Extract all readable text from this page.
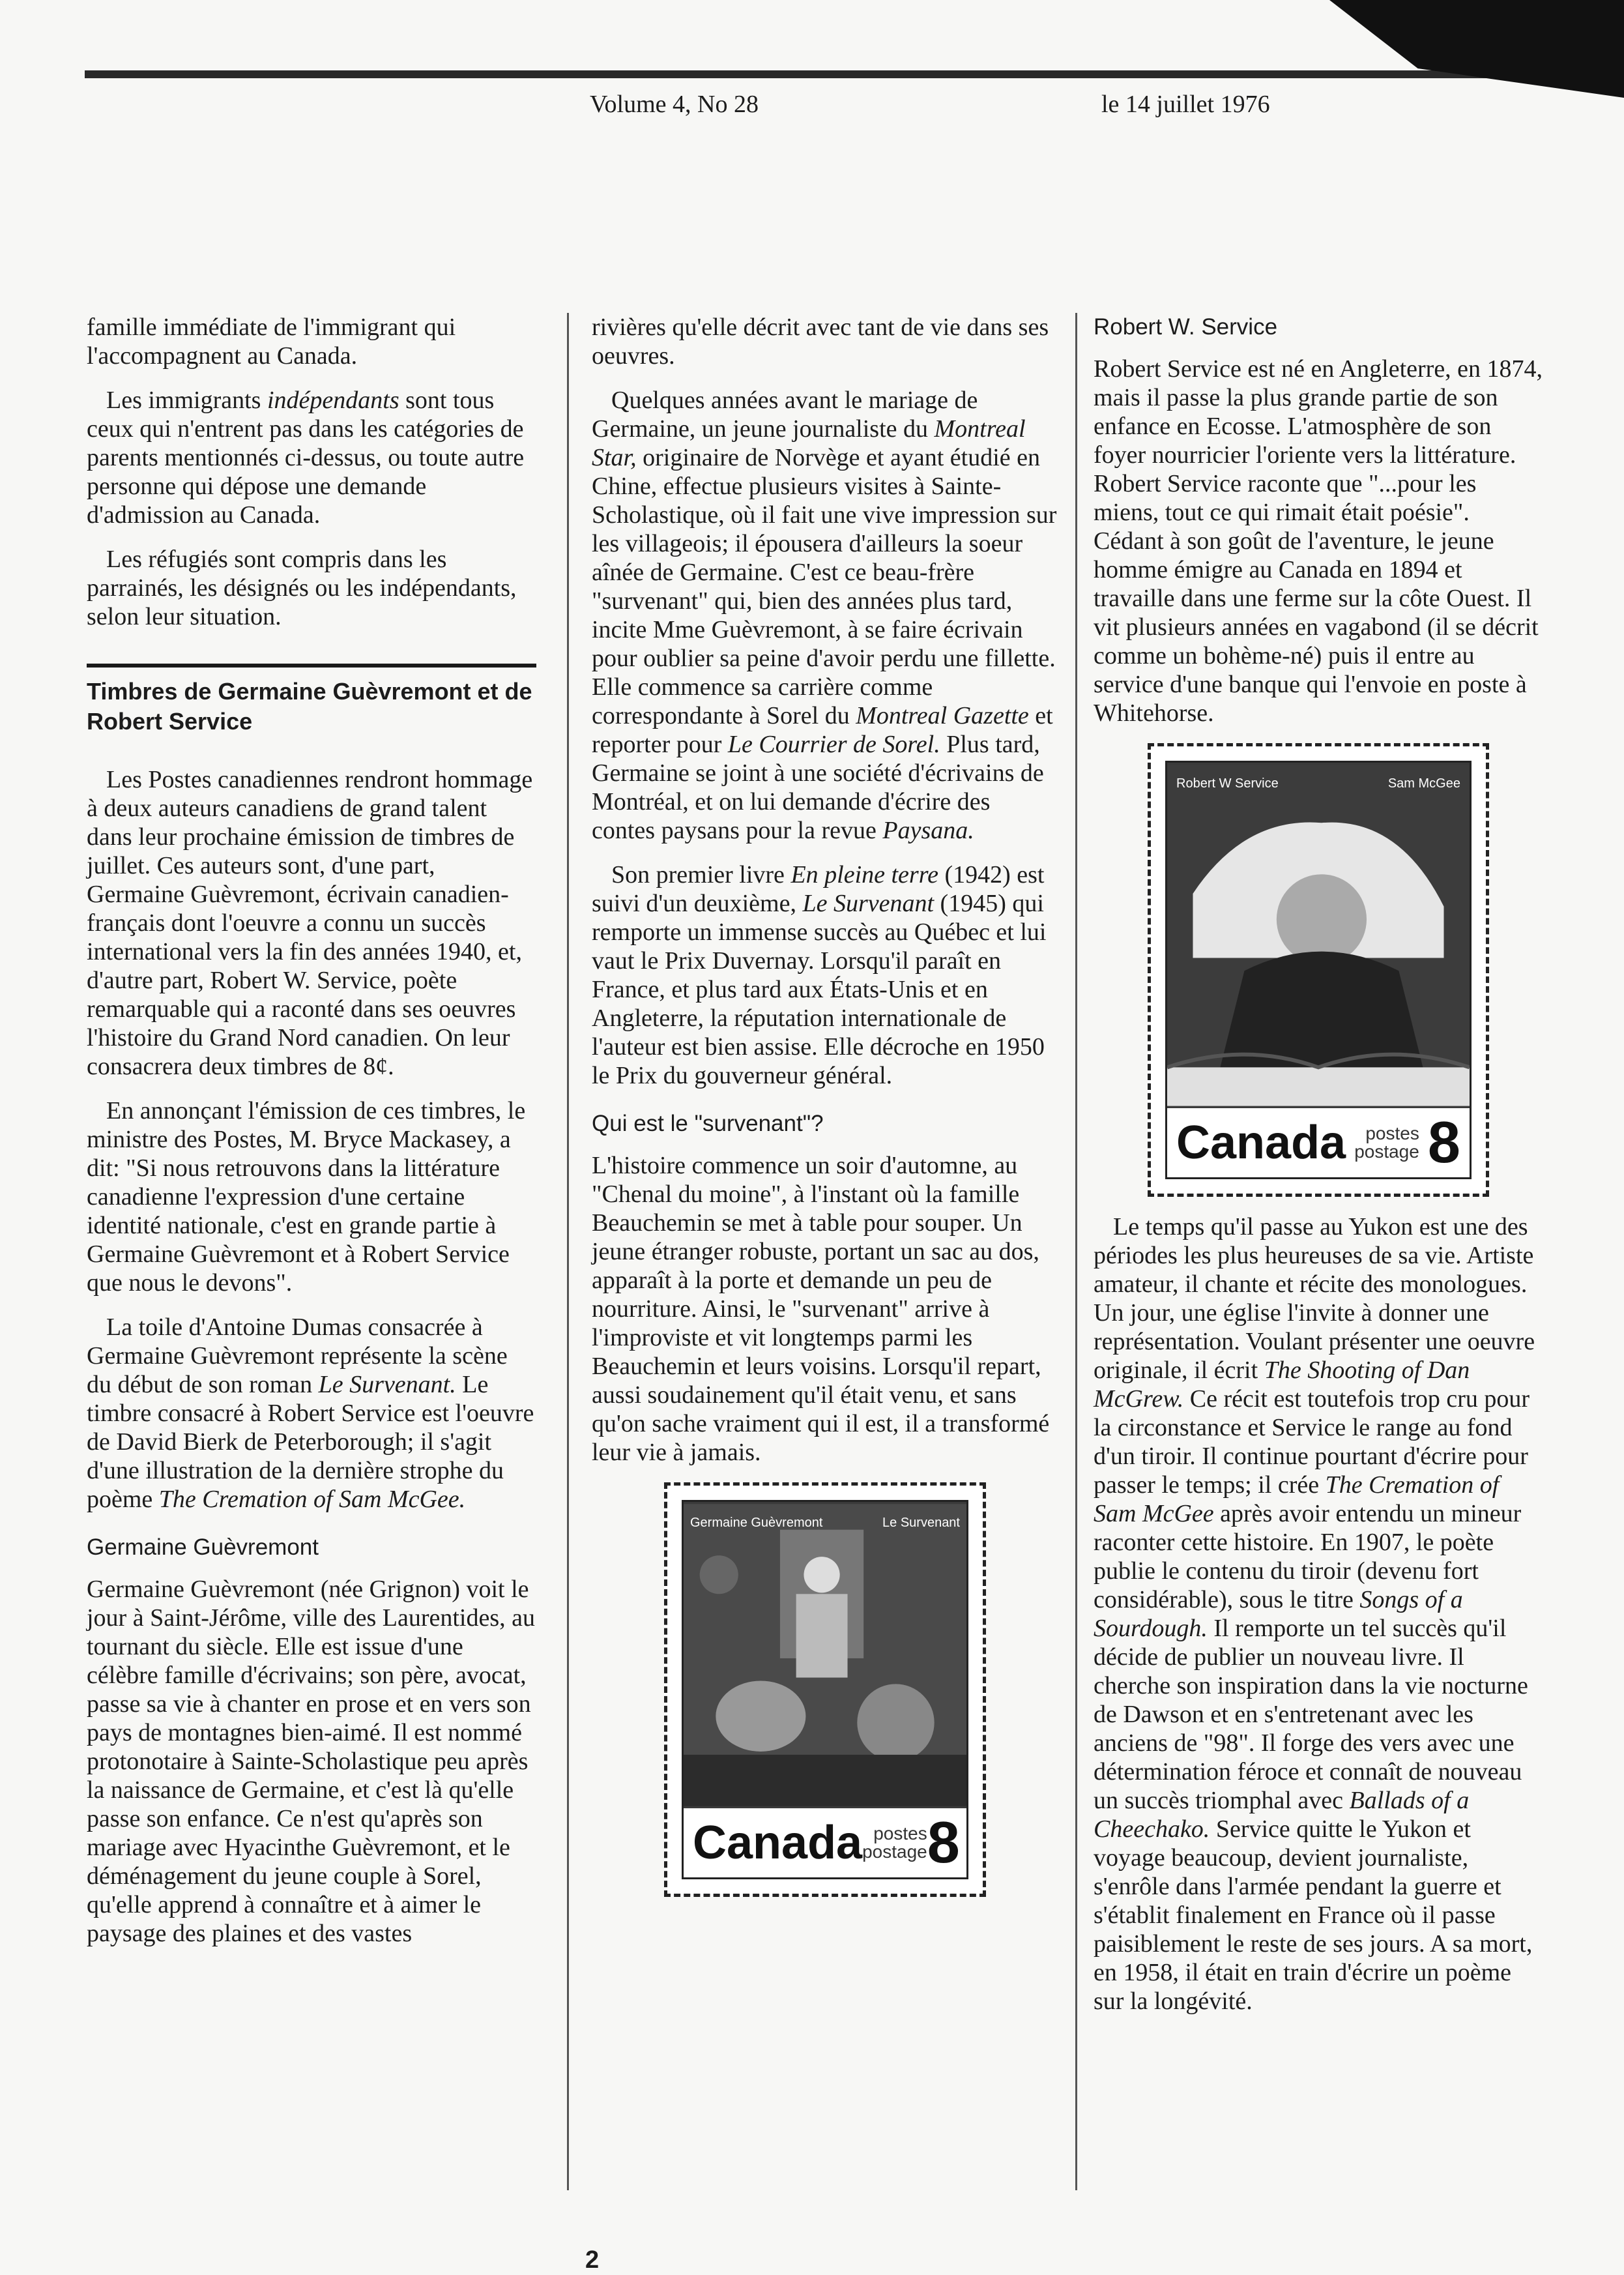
Volume 4, No 28	le 14 juillet 1976

famille immédiate de l'immigrant qui l'accompagnent au Canada.

Les immigrants indépendants sont tous ceux qui n'entrent pas dans les catégories de parents mentionnés ci-dessus, ou toute autre personne qui dépose une demande d'admission au Canada.

Les réfugiés sont compris dans les parrainés, les désignés ou les indépendants, selon leur situation.

Timbres de Germaine Guèvremont et de Robert Service

Les Postes canadiennes rendront hommage à deux auteurs canadiens de grand talent dans leur prochaine émission de timbres de juillet. Ces auteurs sont, d'une part, Germaine Guèvremont, écrivain canadien-français dont l'oeuvre a connu un succès international vers la fin des années 1940, et, d'autre part, Robert W. Service, poète remarquable qui a raconté dans ses oeuvres l'histoire du Grand Nord canadien. On leur consacrera deux timbres de 8¢.

En annonçant l'émission de ces timbres, le ministre des Postes, M. Bryce Mackasey, a dit: "Si nous retrouvons dans la littérature canadienne l'expression d'une certaine identité nationale, c'est en grande partie à Germaine Guèvremont et à Robert Service que nous le devons".

La toile d'Antoine Dumas consacrée à Germaine Guèvremont représente la scène du début de son roman Le Survenant. Le timbre consacré à Robert Service est l'oeuvre de David Bierk de Peterborough; il s'agit d'une illustration de la dernière strophe du poème The Cremation of Sam McGee.

Germaine Guèvremont

Germaine Guèvremont (née Grignon) voit le jour à Saint-Jérôme, ville des Laurentides, au tournant du siècle. Elle est issue d'une célèbre famille d'écrivains; son père, avocat, passe sa vie à chanter en prose et en vers son pays de montagnes bien-aimé. Il est nommé protonotaire à Sainte-Scholastique peu après la naissance de Germaine, et c'est là qu'elle passe son enfance. Ce n'est qu'après son mariage avec Hyacinthe Guèvremont, et le déménagement du jeune couple à Sorel, qu'elle apprend à connaître et à aimer le paysage des plaines et des vastes

rivières qu'elle décrit avec tant de vie dans ses oeuvres.

Quelques années avant le mariage de Germaine, un jeune journaliste du Montreal Star, originaire de Norvège et ayant étudié en Chine, effectue plusieurs visites à Sainte-Scholastique, où il fait une vive impression sur les villageois; il épousera d'ailleurs la soeur aînée de Germaine. C'est ce beau-frère "survenant" qui, bien des années plus tard, incite Mme Guèvremont, à se faire écrivain pour oublier sa peine d'avoir perdu une fillette. Elle commence sa carrière comme correspondante à Sorel du Montreal Gazette et reporter pour Le Courrier de Sorel. Plus tard, Germaine se joint à une société d'écrivains de Montréal, et on lui demande d'écrire des contes paysans pour la revue Paysana.

Son premier livre En pleine terre (1942) est suivi d'un deuxième, Le Survenant (1945) qui remporte un immense succès au Québec et lui vaut le Prix Duvernay. Lorsqu'il paraît en France, et plus tard aux États-Unis et en Angleterre, la réputation internationale de l'auteur est bien assise. Elle décroche en 1950 le Prix du gouverneur général.

Qui est le "survenant"?

L'histoire commence un soir d'automne, au "Chenal du moine", à l'instant où la famille Beauchemin se met à table pour souper. Un jeune étranger robuste, portant un sac au dos, apparaît à la porte et demande un peu de nourriture. Ainsi, le "survenant" arrive à l'improviste et vit longtemps parmi les Beauchemin et leurs voisins. Lorsqu'il repart, aussi soudainement qu'il était venu, et sans qu'on sache vraiment qui il est, il a transformé leur vie à jamais.

Germaine Guèvremont	Le Survenant
Canada postes
postage 8
Robert W. Service

Robert Service est né en Angleterre, en 1874, mais il passe la plus grande partie de son enfance en Ecosse. L'atmosphère de son foyer nourricier l'oriente vers la littérature. Robert Service raconte que "...pour les miens, tout ce qui rimait était poésie". Cédant à son goût de l'aventure, le jeune homme émigre au Canada en 1894 et travaille dans une ferme sur la côte Ouest. Il vit plusieurs années en vagabond (il se décrit comme un bohème-né) puis il entre au service d'une banque qui l'envoie en poste à Whitehorse.

Robert W Service	Sam McGee
Canada	postes
postage 8

Le temps qu'il passe au Yukon est une des périodes les plus heureuses de sa vie. Artiste amateur, il chante et récite des monologues. Un jour, une église l'invite à donner une représentation. Voulant présenter une oeuvre originale, il écrit The Shooting of Dan McGrew. Ce récit est toutefois trop cru pour la circonstance et Service le range au fond d'un tiroir. Il continue pourtant d'écrire pour passer le temps; il crée The Cremation of Sam McGee après avoir entendu un mineur raconter cette histoire. En 1907, le poète publie le contenu du tiroir (devenu fort considérable), sous le titre Songs of a Sourdough. Il remporte un tel succès qu'il décide de publier un nouveau livre. Il cherche son inspiration dans la vie nocturne de Dawson et en s'entretenant avec les anciens de "98". Il forge des vers avec une détermination féroce et connaît de nouveau un succès triomphal avec Ballads of a Cheechako. Service quitte le Yukon et voyage beaucoup, devient journaliste, s'enrôle dans l'armée pendant la guerre et s'établit finalement en France où il passe paisiblement le reste de ses jours. A sa mort, en 1958, il était en train d'écrire un poème sur la longévité.

2
